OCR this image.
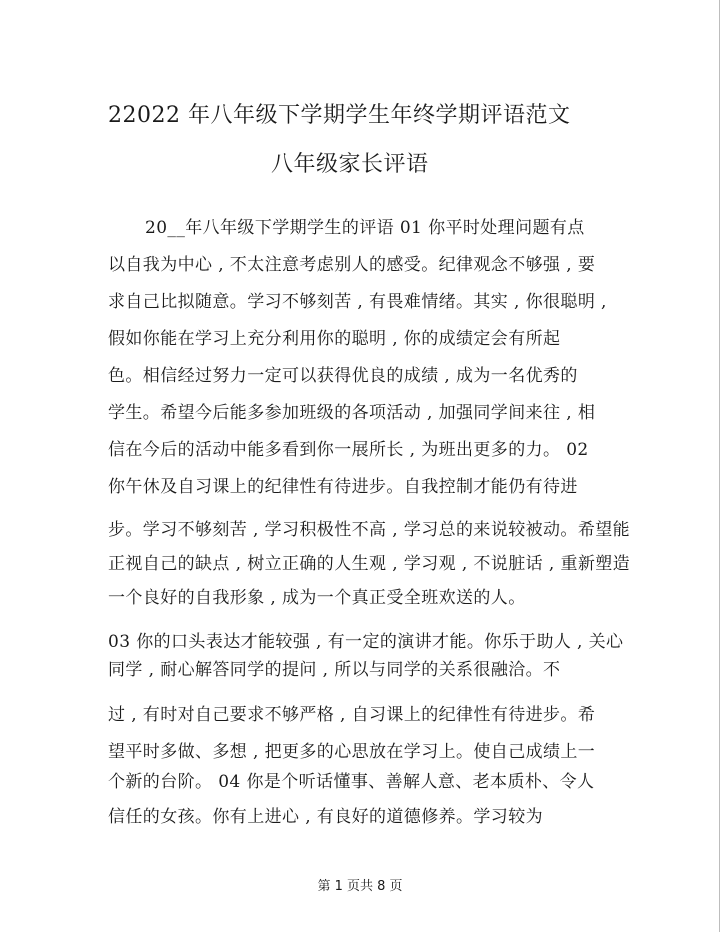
22022 年八年级下学期学生年终学期评语范文
八年级家长评语
20__年八年级下学期学生的评语 01 你平时处理问题有点
以自我为中心 , 不太注意考虑别人的感受。纪律观念不够强 , 要
求自己比拟随意。学习不够刻苦 , 有畏难情绪。其实 , 你很聪明 ,
假如你能在学习上充分利用你的聪明 , 你的成绩定会有所起
色。相信经过努力一定可以获得优良的成绩 , 成为一名优秀的
学生。希望今后能多参加班级的各项活动 , 加强同学间来往 , 相
信在今后的活动中能多看到你一展所长 , 为班出更多的力。 02
你午休及自习课上的纪律性有待进步。自我控制才能仍有待进
步。学习不够刻苦 , 学习积极性不高 , 学习总的来说较被动。希望能
正视自己的缺点 , 树立正确的人生观 , 学习观 , 不说脏话 , 重新塑造
一个良好的自我形象 , 成为一个真正受全班欢送的人。
03 你的口头表达才能较强 , 有一定的演讲才能。你乐于助人 , 关心
同学 , 耐心解答同学的提问 , 所以与同学的关系很融洽。不
过 , 有时对自己要求不够严格 , 自习课上的纪律性有待进步。希
望平时多做、多想 , 把更多的心思放在学习上。使自己成绩上一
个新的台阶。 04 你是个听话懂事、善解人意、老本质朴、令人
信任的女孩。你有上进心 , 有良好的道德修养。学习较为
第 1 页共 8 页
